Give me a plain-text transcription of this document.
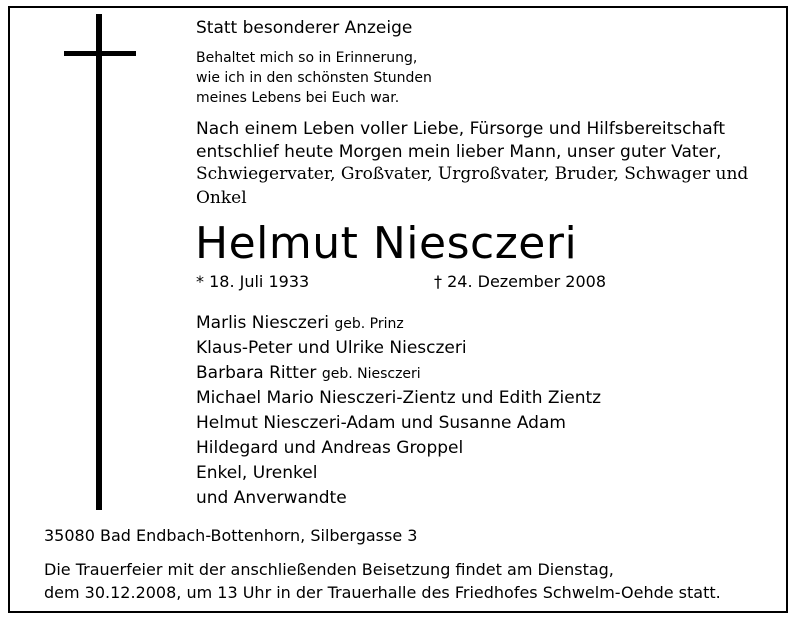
Statt besonderer Anzeige
Behaltet mich so in Erinnerung,
wie ich in den schönsten Stunden
meines Lebens bei Euch war.
Nach einem Leben voller Liebe, Fürsorge und Hilfsbereitschaft
entschlief heute Morgen mein lieber Mann, unser guter Vater,
Schwiegervater, Großvater, Urgroßvater, Bruder, Schwager und
Onkel
Helmut Niesczeri
* 18. Juli 1933	† 24. Dezember 2008
Marlis Niesczeri geb. Prinz
Klaus-Peter und Ulrike Niesczeri
Barbara Ritter geb. Niesczeri
Michael Mario Niesczeri-Zientz und Edith Zientz
Helmut Niesczeri-Adam und Susanne Adam
Hildegard und Andreas Groppel
Enkel, Urenkel
und Anverwandte
35080 Bad Endbach-Bottenhorn, Silbergasse 3
Die Trauerfeier mit der anschließenden Beisetzung findet am Dienstag,
dem 30.12.2008, um 13 Uhr in der Trauerhalle des Friedhofes Schwelm-Oehde statt.
